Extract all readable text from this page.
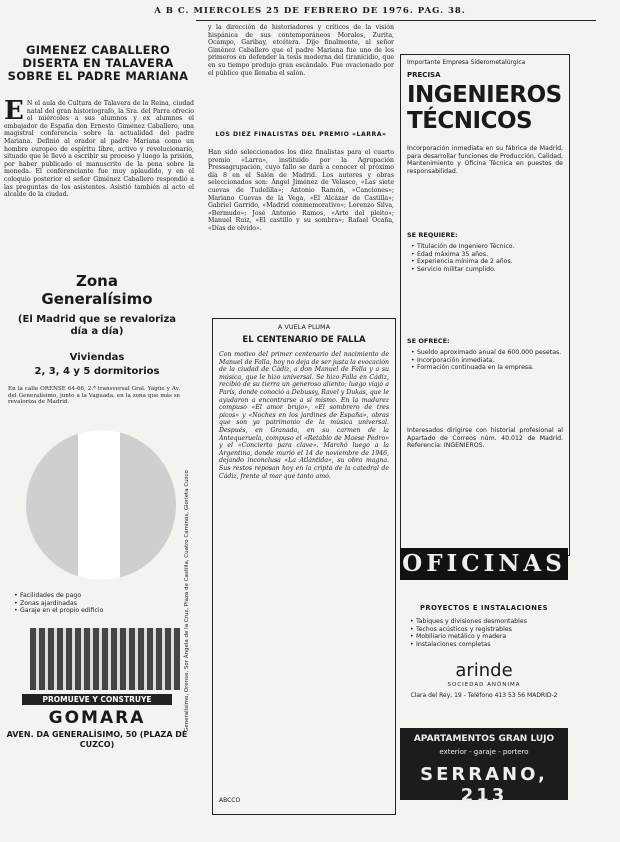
A B C. MIERCOLES 25 DE FEBRERO DE 1976. PAG. 38.
GIMENEZ CABALLERO DISERTA EN TALAVERA SOBRE EL PADRE MARIANA
E N el aula de Cultura de Talavera de la Reina, ciudad natal del gran historiografo, la Sra. del Parra ofrecio el miércoles a sus alumnos y ex alumnos el embajador de España don Ernesto Giménez Caballero, una magistral conferencia sobre la actualidad del padre Mariana. Definió al orador al padre Mariana como un hombre europeo de espíritu libre, activo y revolucionario, situado que le llevó a escribir su proceso y luego la prisión, por haber publicado el manuscrito de la pena sobre la moneda. El conferenciante fue muy aplaudido, y en el coloquio posterior el señor Giménez Caballero respondió a las preguntas de los asistentes. Asistió también al acto el alcalde de la ciudad.
Zona
Generalísimo
(El Madrid que se revaloriza día a día)
Viviendas
2, 3, 4 y 5 dormitorios
En la calle ORENSE 64-66, 2.ª transversal Gral. Yagüe y Av. del Generalísimo, junto a la Vaguada, en la zona que más se revaloriza de Madrid.
Generalísimo, Orense, Sor Ángela de la Cruz, Plaza de Castilla, Cuatro Caminos, Glorieta Cuzco
• Facilidades de pago
• Zonas ajardinadas
• Garaje en el propio edificio
PROMUEVE Y CONSTRUYE
GOMARA
AVEN. DA GENERALÍSIMO, 50 (PLAZA DE CUZCO)
y la dirección de historiadores y críticos de la visión hispánica de sus contemporáneos Morales, Zurita, Ocampo, Garibay, etcétera. Dijo finalmente, al señor Giménez Caballero que el padre Mariana fue uno de los primeros en defender la tesis moderna del tiranicidio, que en su tiempo produjo gran escándalo. Fue ovacionado por el público que llenaba el salón.
LOS DIEZ FINALISTAS DEL PREMIO «LARRA»
Han sido seleccionados los diez finalistas para el cuarto premio «Larra», instituido por la Agrupación Pressagrupación, cuyo fallo se dará a conocer el próximo día 8 en el Salón de Madrid. Los autores y obras seleccionados son: Ángel Jiménez de Velasco, «Las siete cuevas de Tudelilla»; Antonio Ramón, «Canciones»; Mariano Cuevas de la Vega, «El Alcázar de Castilla»; Gabriel Garrido, «Madrid conmemorativo»; Lorenzo Silva, «Bermudo»; José Antonio Ramos, «Arte del pleito»; Manuel Ruiz, «El castillo y su sombra»; Rafael Ocaña, «Días de olvido».
A VUELA PLUMA
EL CENTENARIO DE FALLA
Con motivo del primer centenario del nacimiento de Manuel de Falla, hoy no deja de ser justa la evocación de la ciudad de Cádiz, a don Manuel de Falla y a su música, que le hizo universal. Se hizo Falla en Cádiz, recibió de su tierra un generoso aliento; luego viajó a París, donde conoció a Debussy, Ravel y Dukas, que le ayudaron a encontrarse a sí mismo. En la madurez compuso «El amor brujo», «El sombrero de tres picos» y «Noches en los jardines de España», obras que son ya patrimonio de la música universal. Después, en Granada, en su carmen de la Antequeruela, compuso el «Retablo de Maese Pedro» y el «Concierto para clave». Marchó luego a la Argentina, donde murió el 14 de noviembre de 1946, dejando inconclusa «La Atlántida», su obra magna. Sus restos reposan hoy en la cripta de la catedral de Cádiz, frente al mar que tanto amó.
ABCCO
Importante Empresa Siderometalúrgica
PRECISA
INGENIEROS TÉCNICOS
Incorporación inmediata en su fábrica de Madrid, para desarrollar funciones de Producción, Calidad, Mantenimiento y Oficina Técnica en puestos de responsabilidad.
SE REQUIERE:
• Titulación de Ingeniero Técnico.
• Edad máxima 35 años.
• Experiencia mínima de 2 años.
• Servicio militar cumplido.
SE OFRECE:
• Sueldo aproximado anual de 600.000 pesetas.
• Incorporación inmediata.
• Formación continuada en la empresa.
Interesados dirigirse con historial profesional al Apartado de Correos núm. 40.012 de Madrid. Referencia: INGENIEROS.
OFICINAS
PROYECTOS E INSTALACIONES
• Tabiques y divisiones desmontables
• Techos acústicos y registrables
• Mobiliario metálico y madera
• Instalaciones completas
arinde
SOCIEDAD ANÓNIMA
Clara del Rey, 19 - Teléfono 413 53 56 MADRID-2
APARTAMENTOS GRAN LUJO
exterior - garaje - portero
SERRANO, 213
